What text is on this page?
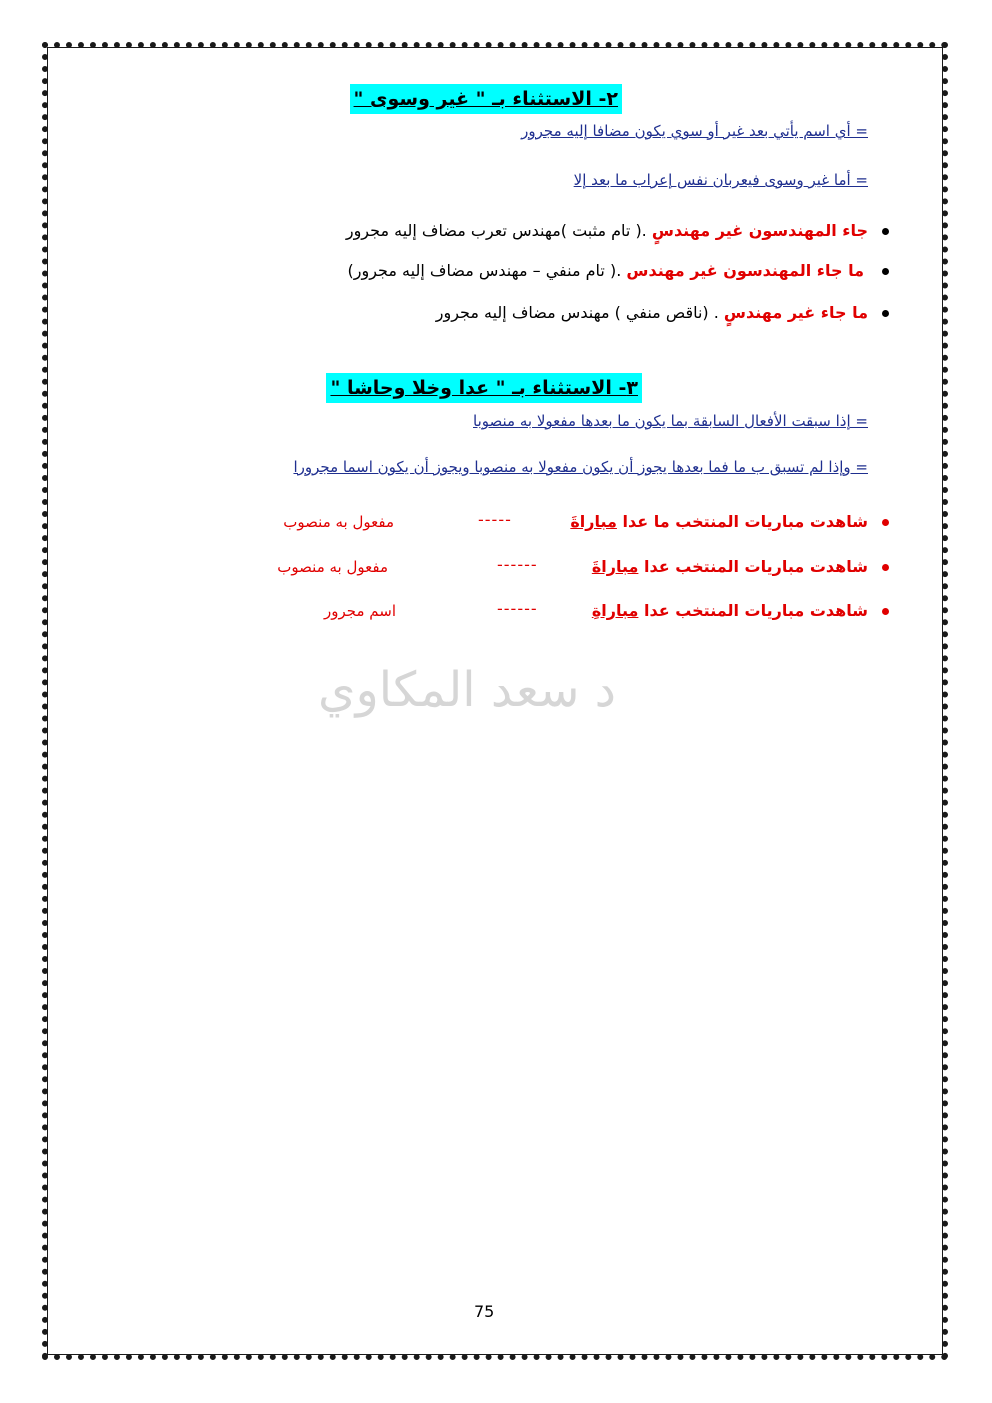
٢- الاستثناء بـ " غير وسوى "
= أي اسم يأتي بعد غير أو سوي يكون مضافا إليه مجرور
= أما غير وسوى فيعربان نفس إعراب ما بعد إلا
جاء المهندسون غير مهندسٍ .( تام مثبت )مهندس تعرب مضاف إليه مجرور
ما جاء المهندسون غير مهندس .( تام منفي – مهندس مضاف إليه مجرور)
ما جاء غير مهندسٍ . (ناقص منفي ) مهندس مضاف إليه مجرور
٣- الاستثناء بـ " عدا وخلا وحاشا "
= إذا سبقت الأفعال السابقة بما يكون ما بعدها مفعولا به منصوبا
= وإذا لم تسبق ب ما فما بعدها يجوز أن يكون مفعولا به منصوبا ويجوز أن يكون اسما مجرورا
شاهدت مباريات المنتخب ما عدا مباراةَ
-----
مفعول به منصوب
شاهدت مباريات المنتخب عدا مباراةَ
------
مفعول به منصوب
شاهدت مباريات المنتخب عدا مباراةِ
------
اسم مجرور
د سعد المكاوي
75
